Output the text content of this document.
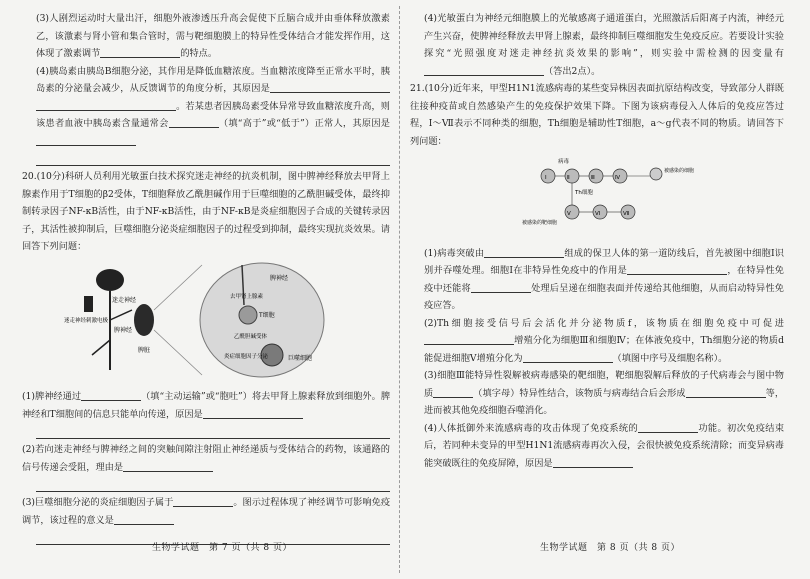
(3)人剧烈运动时大量出汗，细胞外液渗透压升高会促使下丘脑合成并由垂体释放激素乙，该激素与肾小管和集合管时，需与靶细胞膜上的特异性受体结合才能发挥作用，这体现了激素调节	的特点。

(4)胰岛素由胰岛B细胞分泌，其作用是降低血糖浓度。当血糖浓度降至正常水平时，胰岛素的分泌量会减少，从反馈调节的角度分析，其原因是。若某患者因胰岛素受体异常导致血糖浓度升高，则该患者血液中胰岛素含量通常会	（填“高于”或“低于”）正常人，其原因是

20.(10分)科研人员利用光敏蛋白技术探究迷走神经的抗炎机制，图中脾神经释放去甲肾上腺素作用于T细胞的β2受体，T细胞释放乙酰胆碱作用于巨噬细胞的乙酰胆碱受体，最终抑制转录因子NF-κB活性，由于NF-κB活性，由于NF-κB是炎症细胞因子合成的关键转录因子，其活性被抑制后，巨噬细胞分泌炎症细胞因子的过程受到抑制，最终实现抗炎效果。请回答下列问题：

迷走神经
迷走神经刺激电极
脾神经
脾脏
脾神经
去甲肾上腺素
T细胞
乙酰胆碱受体
炎症细胞因子分泌	巨噬细胞

(1)脾神经通过	（填“主动运输”或“胞吐”）将去甲肾上腺素释放到细胞外。脾神经和T细胞间的信息只能单向传递，原因是

(2)若向迷走神经与脾神经之间的突触间隙注射阻止神经递质与受体结合的药物，该通路的信号传递会受阻，理由是

(3)巨噬细胞分泌的炎症细胞因子属于	。图示过程体现了神经调节可影响免疫调节，该过程的意义是

生物学试题　第 7 页（共 8 页）

(4)光敏蛋白为神经元细胞膜上的光敏感离子通道蛋白，光照激活后阳离子内流，神经元产生兴奋，使脾神经释放去甲肾上腺素，最终抑制巨噬细胞发生免疫反应。若要设计实验探究“光照强度对迷走神经抗炎效果的影响”，则实验中需检测的因变量有（答出2点）。

21.(10分)近年来，甲型H1N1流感病毒的某些变异株因表面抗原结构改变，导致部分人群既往接种疫苗或自然感染产生的免疫保护效果下降。下图为该病毒侵入人体后的免疫应答过程，Ⅰ～Ⅶ表示不同种类的细胞，Th细胞是辅助性T细胞，a～g代表不同的物质。请回答下列问题：

病毒
Ⅰ	Ⅱ	Ⅲ	Ⅳ
Th细胞
被感染的细胞
Ⅴ	Ⅵ	Ⅶ
被感染的靶细胞

(1)病毒突破由	组成的保卫人体的第一道防线后，首先被图中细胞Ⅰ识别并吞噬处理。细胞Ⅰ在非特异性免疫中的作用是	，在特异性免疫中还能将	处理后呈递在细胞表面并传递给其他细胞，从而启动特异性免疫应答。

(2)Th细胞接受信号后会活化并分泌物质f，该物质在细胞免疫中可促进增殖分化为细胞Ⅲ和细胞Ⅳ；在体液免疫中，Th细胞分泌的物质d能促进细胞Ⅴ增殖分化为	（填图中序号及细胞名称）。

(3)细胞Ⅲ能特异性裂解被病毒感染的靶细胞，靶细胞裂解后释放的子代病毒会与图中物质	（填字母）特异性结合，该物质与病毒结合后会形成	等，进而被其他免疫细胞吞噬消化。

(4)人体抵御外来流感病毒的攻击体现了免疫系统的	功能。初次免疫结束后，若同种未变异的甲型H1N1流感病毒再次入侵，会很快被免疫系统清除；而变异病毒能突破既往的免疫屏障，原因是

生物学试题　第 8 页（共 8 页）
